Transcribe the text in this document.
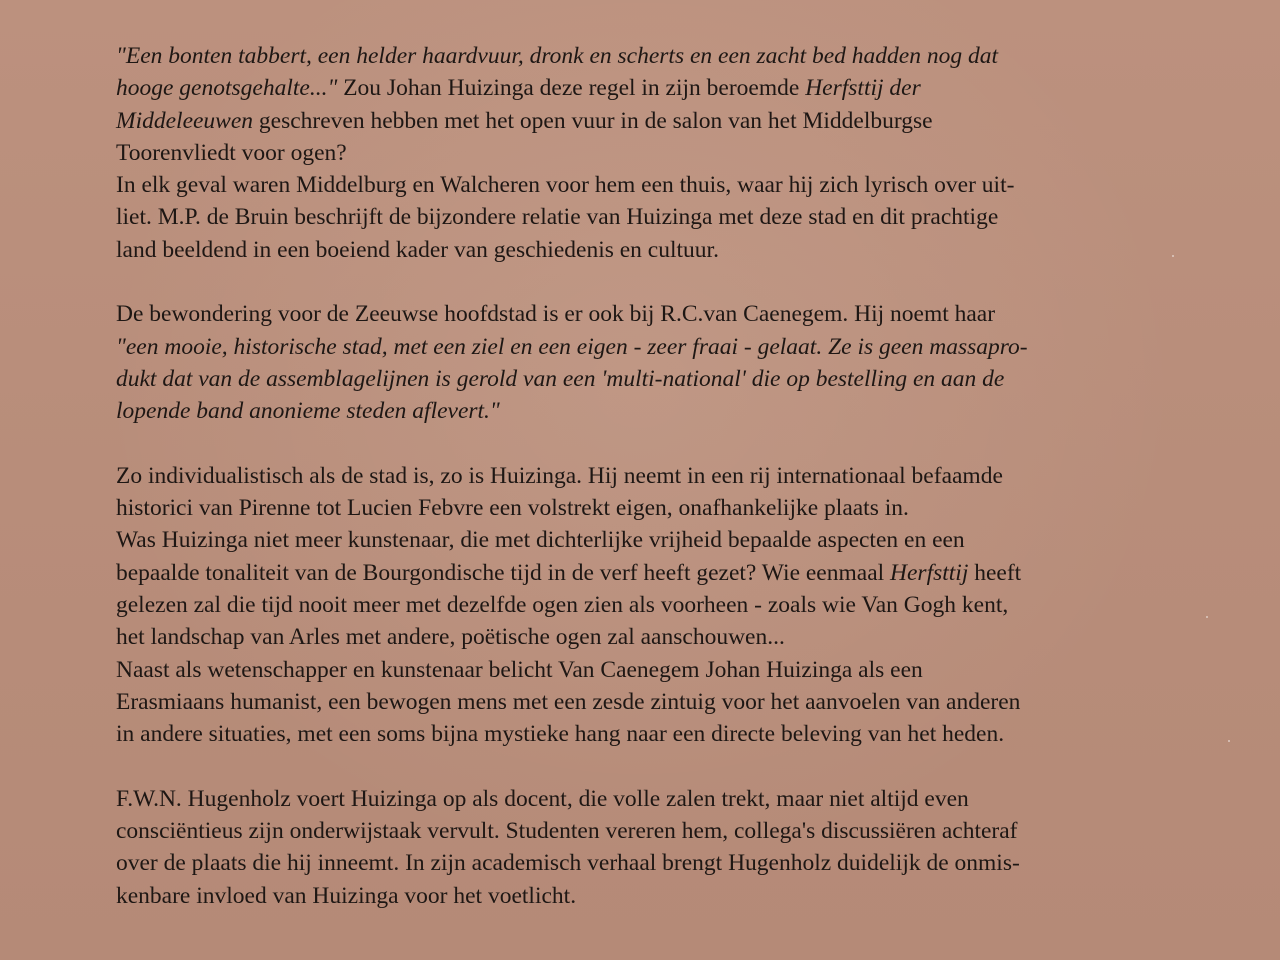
"Een bonten tabbert, een helder haardvuur, dronk en scherts en een zacht bed hadden nog dat
hooge genotsgehalte..." Zou Johan Huizinga deze regel in zijn beroemde Herfsttij der
Middeleeuwen geschreven hebben met het open vuur in de salon van het Middelburgse
Toorenvliedt voor ogen?
In elk geval waren Middelburg en Walcheren voor hem een thuis, waar hij zich lyrisch over uit-
liet. M.P. de Bruin beschrijft de bijzondere relatie van Huizinga met deze stad en dit prachtige
land beeldend in een boeiend kader van geschiedenis en cultuur.
De bewondering voor de Zeeuwse hoofdstad is er ook bij R.C.van Caenegem. Hij noemt haar
"een mooie, historische stad, met een ziel en een eigen - zeer fraai - gelaat. Ze is geen massapro-
dukt dat van de assemblagelijnen is gerold van een 'multi-national' die op bestelling en aan de
lopende band anonieme steden aflevert."
Zo individualistisch als de stad is, zo is Huizinga. Hij neemt in een rij internationaal befaamde
historici van Pirenne tot Lucien Febvre een volstrekt eigen, onafhankelijke plaats in.
Was Huizinga niet meer kunstenaar, die met dichterlijke vrijheid bepaalde aspecten en een
bepaalde tonaliteit van de Bourgondische tijd in de verf heeft gezet? Wie eenmaal Herfsttij heeft
gelezen zal die tijd nooit meer met dezelfde ogen zien als voorheen - zoals wie Van Gogh kent,
het landschap van Arles met andere, poëtische ogen zal aanschouwen...
Naast als wetenschapper en kunstenaar belicht Van Caenegem Johan Huizinga als een
Erasmiaans humanist, een bewogen mens met een zesde zintuig voor het aanvoelen van anderen
in andere situaties, met een soms bijna mystieke hang naar een directe beleving van het heden.
F.W.N. Hugenholz voert Huizinga op als docent, die volle zalen trekt, maar niet altijd even
consciëntieus zijn onderwijstaak vervult. Studenten vereren hem, collega's discussiëren achteraf
over de plaats die hij inneemt. In zijn academisch verhaal brengt Hugenholz duidelijk de onmis-
kenbare invloed van Huizinga voor het voetlicht.
